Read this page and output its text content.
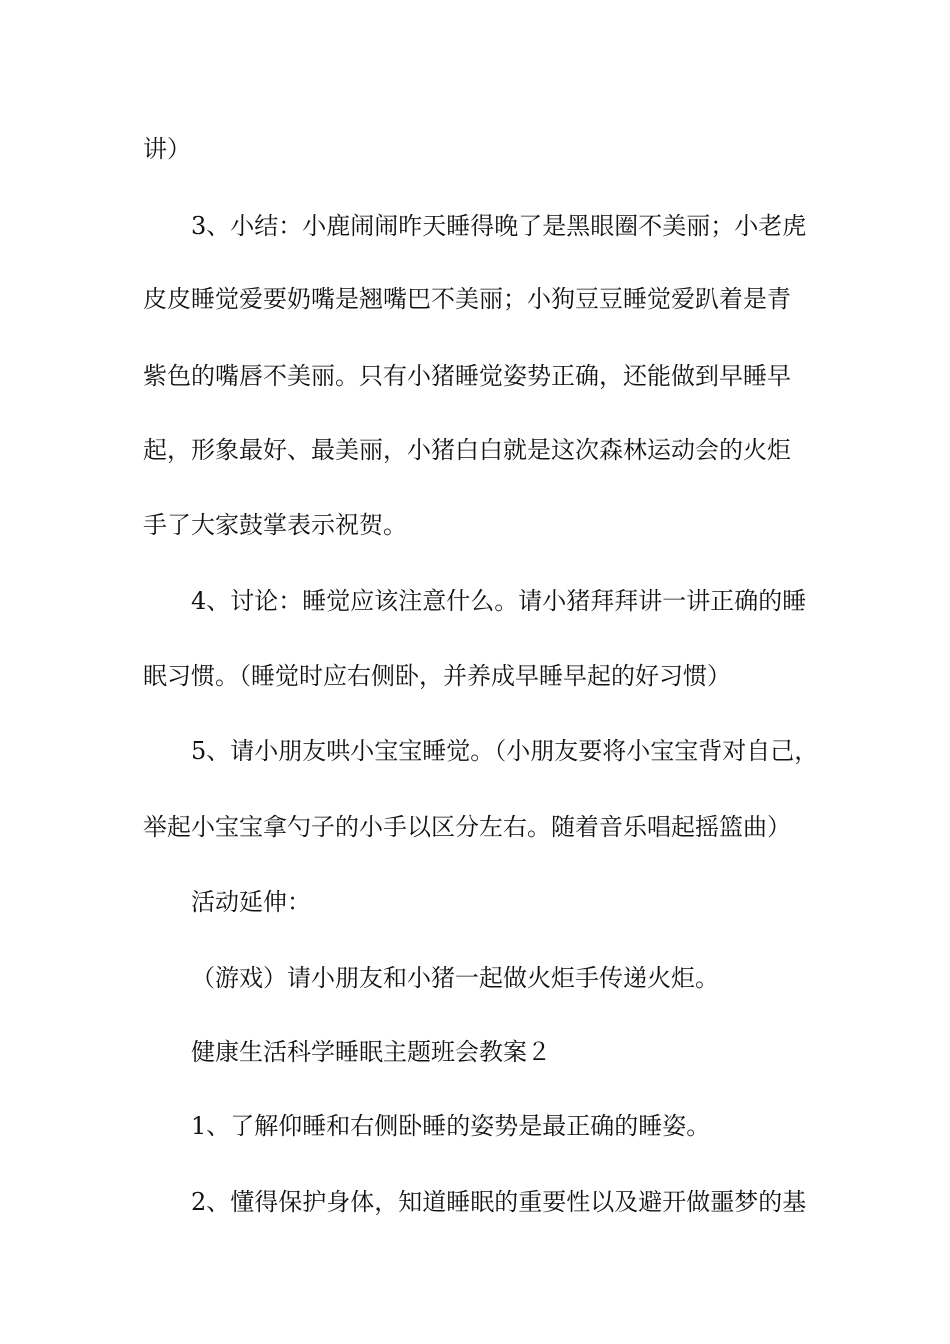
讲）

3、小结：小鹿闹闹昨天睡得晚了是黑眼圈不美丽；小老虎

皮皮睡觉爱要奶嘴是翘嘴巴不美丽；小狗豆豆睡觉爱趴着是青

紫色的嘴唇不美丽。只有小猪睡觉姿势正确，还能做到早睡早

起，形象最好、最美丽，小猪白白就是这次森林运动会的火炬

手了大家鼓掌表示祝贺。

4、讨论：睡觉应该注意什么。请小猪拜拜讲一讲正确的睡

眠习惯。（睡觉时应右侧卧，并养成早睡早起的好习惯）

5、请小朋友哄小宝宝睡觉。（小朋友要将小宝宝背对自己，

举起小宝宝拿勺子的小手以区分左右。随着音乐唱起摇篮曲）

活动延伸：

（游戏）请小朋友和小猪一起做火炬手传递火炬。

健康生活科学睡眠主题班会教案２

1、了解仰睡和右侧卧睡的姿势是最正确的睡姿。

2、懂得保护身体，知道睡眠的重要性以及避开做噩梦的基
